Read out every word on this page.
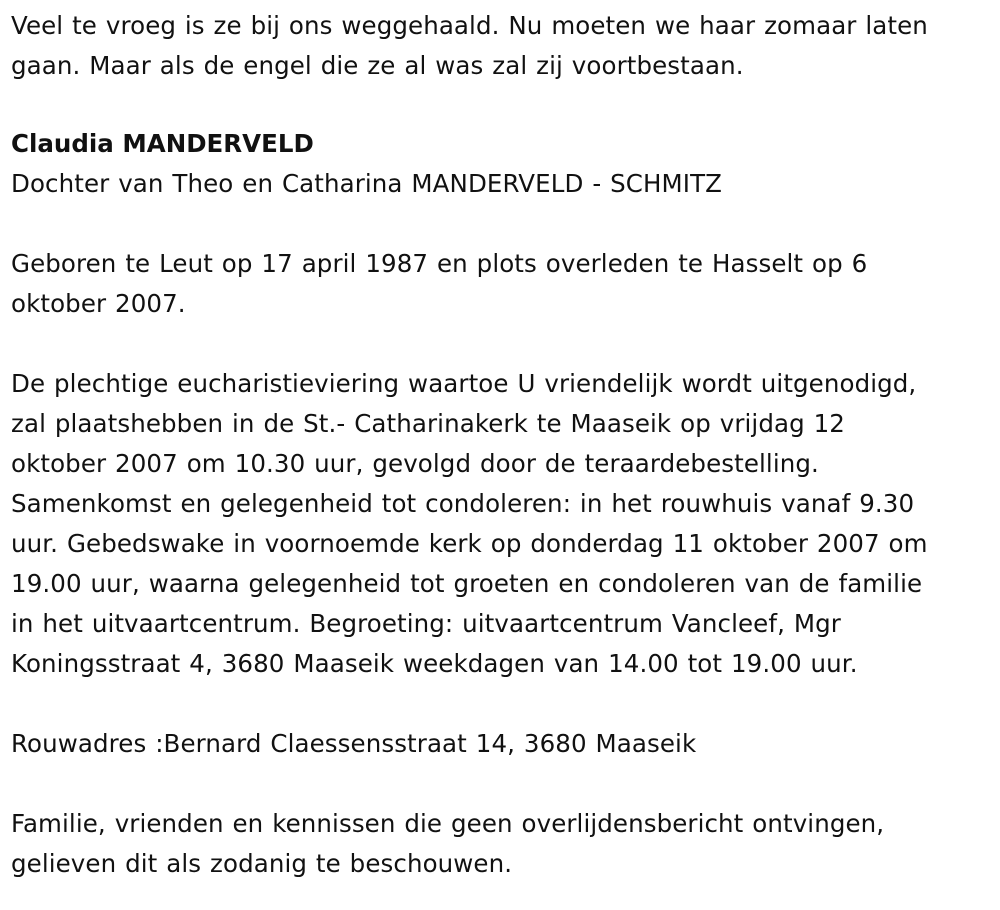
Veel te vroeg is ze bij ons weggehaald. Nu moeten we haar zomaar laten
gaan. Maar als de engel die ze al was zal zij voortbestaan.

Claudia MANDERVELD

Dochter van Theo en Catharina MANDERVELD - SCHMITZ

Geboren te Leut op 17 april 1987 en plots overleden te Hasselt op 6
oktober 2007.

De plechtige eucharistieviering waartoe U vriendelijk wordt uitgenodigd,
zal plaatshebben in de St.- Catharinakerk te Maaseik op vrijdag 12
oktober 2007 om 10.30 uur, gevolgd door de teraardebestelling.
Samenkomst en gelegenheid tot condoleren: in het rouwhuis vanaf 9.30
uur. Gebedswake in voornoemde kerk op donderdag 11 oktober 2007 om
19.00 uur, waarna gelegenheid tot groeten en condoleren van de familie
in het uitvaartcentrum. Begroeting: uitvaartcentrum Vancleef, Mgr
Koningsstraat 4, 3680 Maaseik weekdagen van 14.00 tot 19.00 uur.

Rouwadres :Bernard Claessensstraat 14, 3680 Maaseik

Familie, vrienden en kennissen die geen overlijdensbericht ontvingen,
gelieven dit als zodanig te beschouwen.
